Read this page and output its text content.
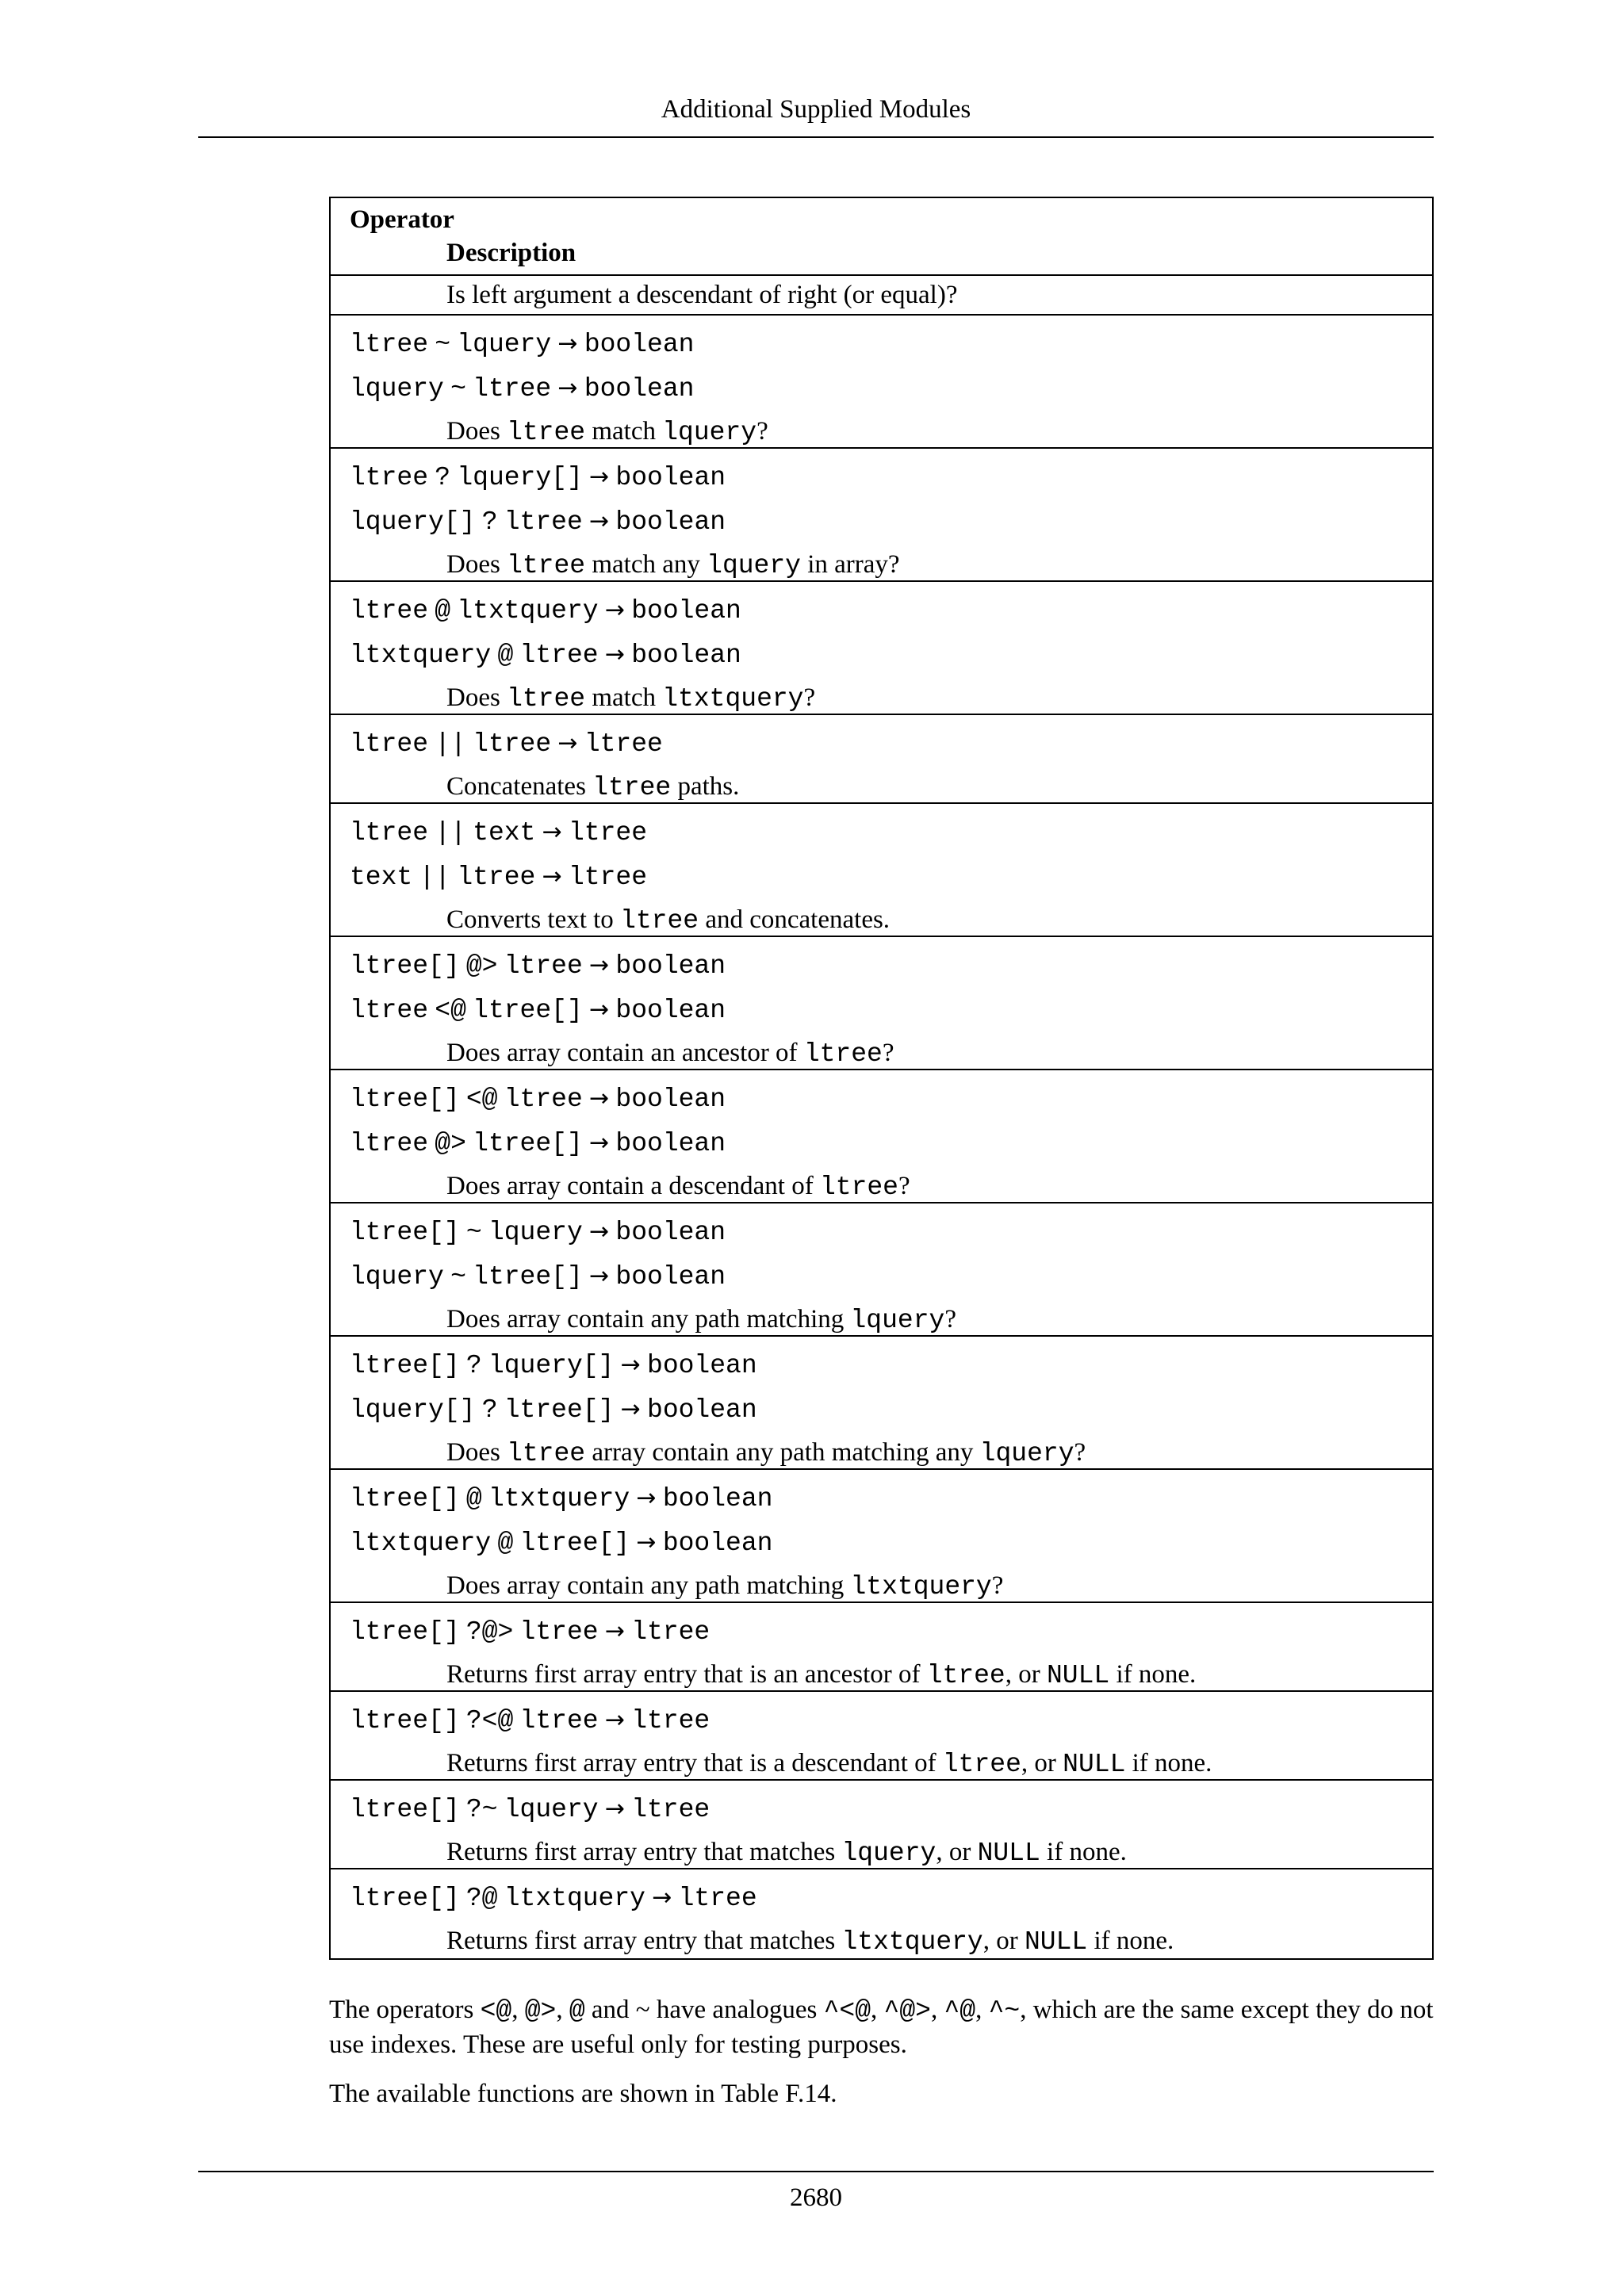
Additional Supplied Modules
Operator
Description
Is left argument a descendant of right (or equal)?
ltree ~ lquery → boolean
lquery ~ ltree → boolean
Does ltree match lquery?
ltree ? lquery[] → boolean
lquery[] ? ltree → boolean
Does ltree match any lquery in array?
ltree @ ltxtquery → boolean
ltxtquery @ ltree → boolean
Does ltree match ltxtquery?
ltree || ltree → ltree
Concatenates ltree paths.
ltree || text → ltree
text || ltree → ltree
Converts text to ltree and concatenates.
ltree[] @> ltree → boolean
ltree <@ ltree[] → boolean
Does array contain an ancestor of ltree?
ltree[] <@ ltree → boolean
ltree @> ltree[] → boolean
Does array contain a descendant of ltree?
ltree[] ~ lquery → boolean
lquery ~ ltree[] → boolean
Does array contain any path matching lquery?
ltree[] ? lquery[] → boolean
lquery[] ? ltree[] → boolean
Does ltree array contain any path matching any lquery?
ltree[] @ ltxtquery → boolean
ltxtquery @ ltree[] → boolean
Does array contain any path matching ltxtquery?
ltree[] ?@> ltree → ltree
Returns first array entry that is an ancestor of ltree, or NULL if none.
ltree[] ?<@ ltree → ltree
Returns first array entry that is a descendant of ltree, or NULL if none.
ltree[] ?~ lquery → ltree
Returns first array entry that matches lquery, or NULL if none.
ltree[] ?@ ltxtquery → ltree
Returns first array entry that matches ltxtquery, or NULL if none.
The operators <@, @>, @ and ~ have analogues ^<@, ^@>, ^@, ^~, which are the same except they do not use indexes. These are useful only for testing purposes.
The available functions are shown in Table F.14.
2680
